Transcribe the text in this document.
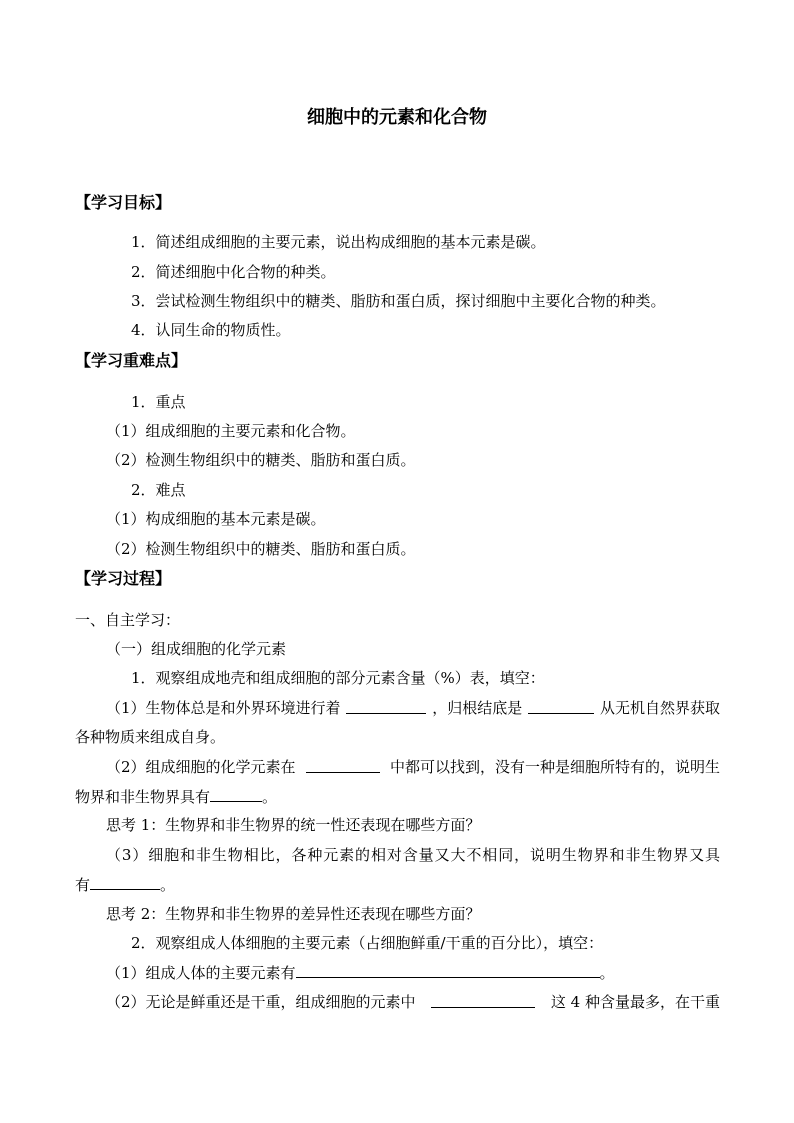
细胞中的元素和化合物
【学习目标】
1．简述组成细胞的主要元素，说出构成细胞的基本元素是碳。
2．简述细胞中化合物的种类。
3．尝试检测生物组织中的糖类、脂肪和蛋白质，探讨细胞中主要化合物的种类。
4．认同生命的物质性。
【学习重难点】
1．重点
（1）组成细胞的主要元素和化合物。
（2）检测生物组织中的糖类、脂肪和蛋白质。
2．难点
（1）构成细胞的基本元素是碳。
（2）检测生物组织中的糖类、脂肪和蛋白质。
【学习过程】
一、自主学习：
（一）组成细胞的化学元素
1．观察组成地壳和组成细胞的部分元素含量（%）表，填空：
（1）生物体总是和外界环境进行着	，归根结底是	从无机自然界获取
各种物质来组成自身。
（2）组成细胞的化学元素在	中都可以找到，没有一种是细胞所特有的，说明生
物界和非生物界具有	。
思考 1：生物界和非生物界的统一性还表现在哪些方面？
（3）细胞和非生物相比，各种元素的相对含量又大不相同，说明生物界和非生物界又具
有	。
思考 2：生物界和非生物界的差异性还表现在哪些方面？
2．观察组成人体细胞的主要元素（占细胞鲜重/干重的百分比），填空：
（1）组成人体的主要元素有	。
（2）无论是鲜重还是干重，组成细胞的元素中	这 4 种含量最多，在干重
